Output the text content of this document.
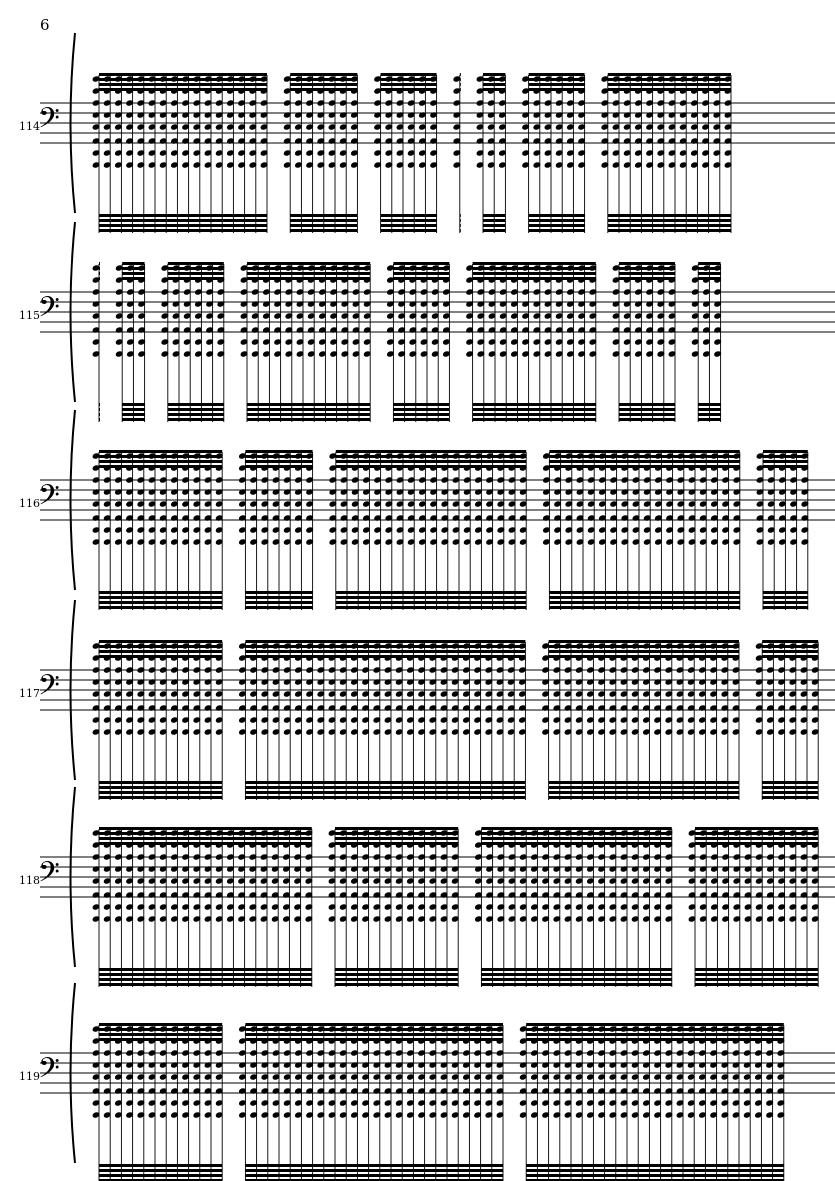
6
𝄢
𝄢
𝄢
𝄢
𝄢
𝄢
114
115
116
117
118
119
